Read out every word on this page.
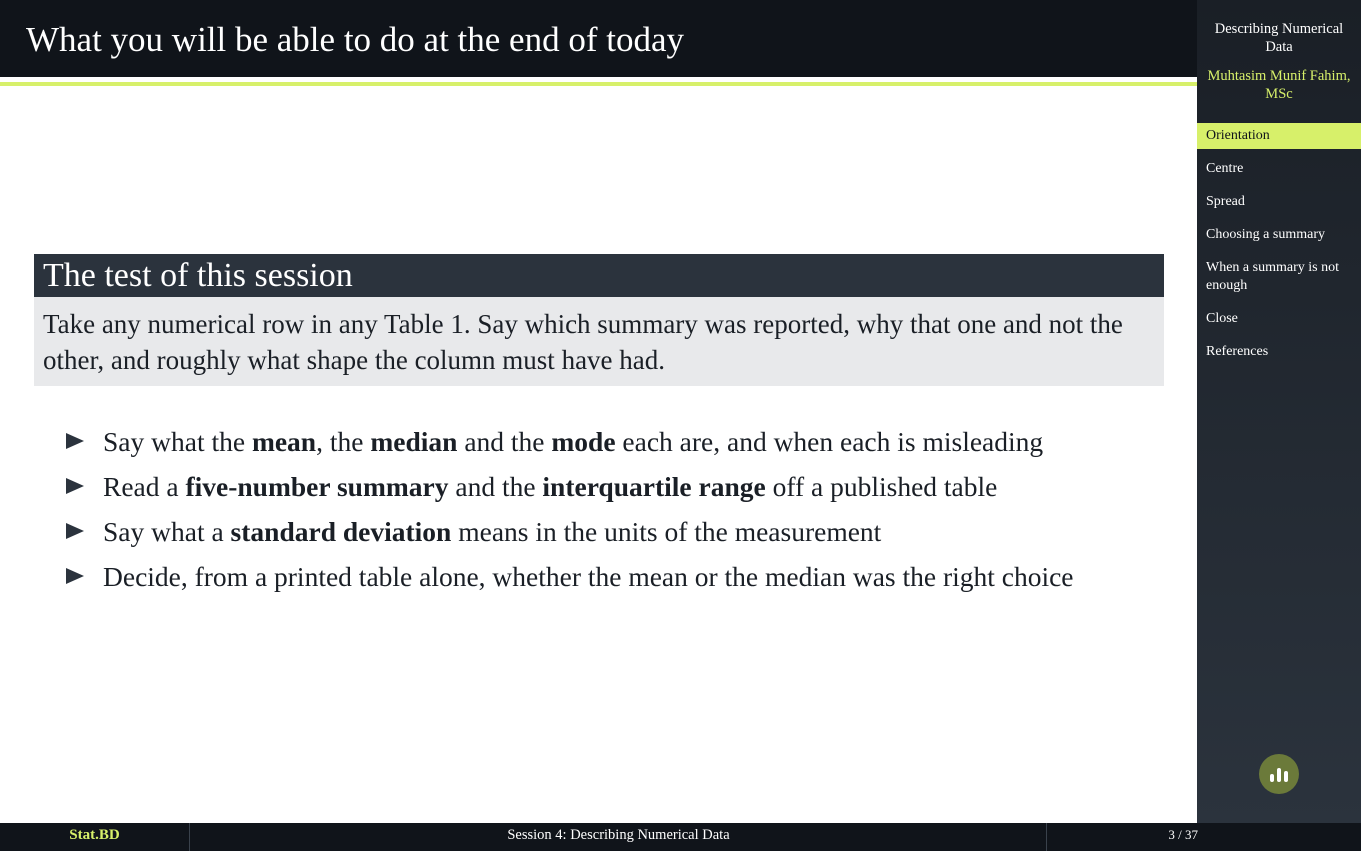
What you will be able to do at the end of today	Describing Numerical Data
Muhtasim Munif Fahim, MSc
Orientation
Centre
Spread
Choosing a summary
When a summary is not enough
Close
References
The test of this session
Take any numerical row in any Table 1. Say which summary was reported, why that one and not the other, and roughly what shape the column must have had.
Say what the mean, the median and the mode each are, and when each is misleading
Read a five-number summary and the interquartile range off a published table
Say what a standard deviation means in the units of the measurement
Decide, from a printed table alone, whether the mean or the median was the right choice
Stat.BD	Session 4: Describing Numerical Data	3 / 37
